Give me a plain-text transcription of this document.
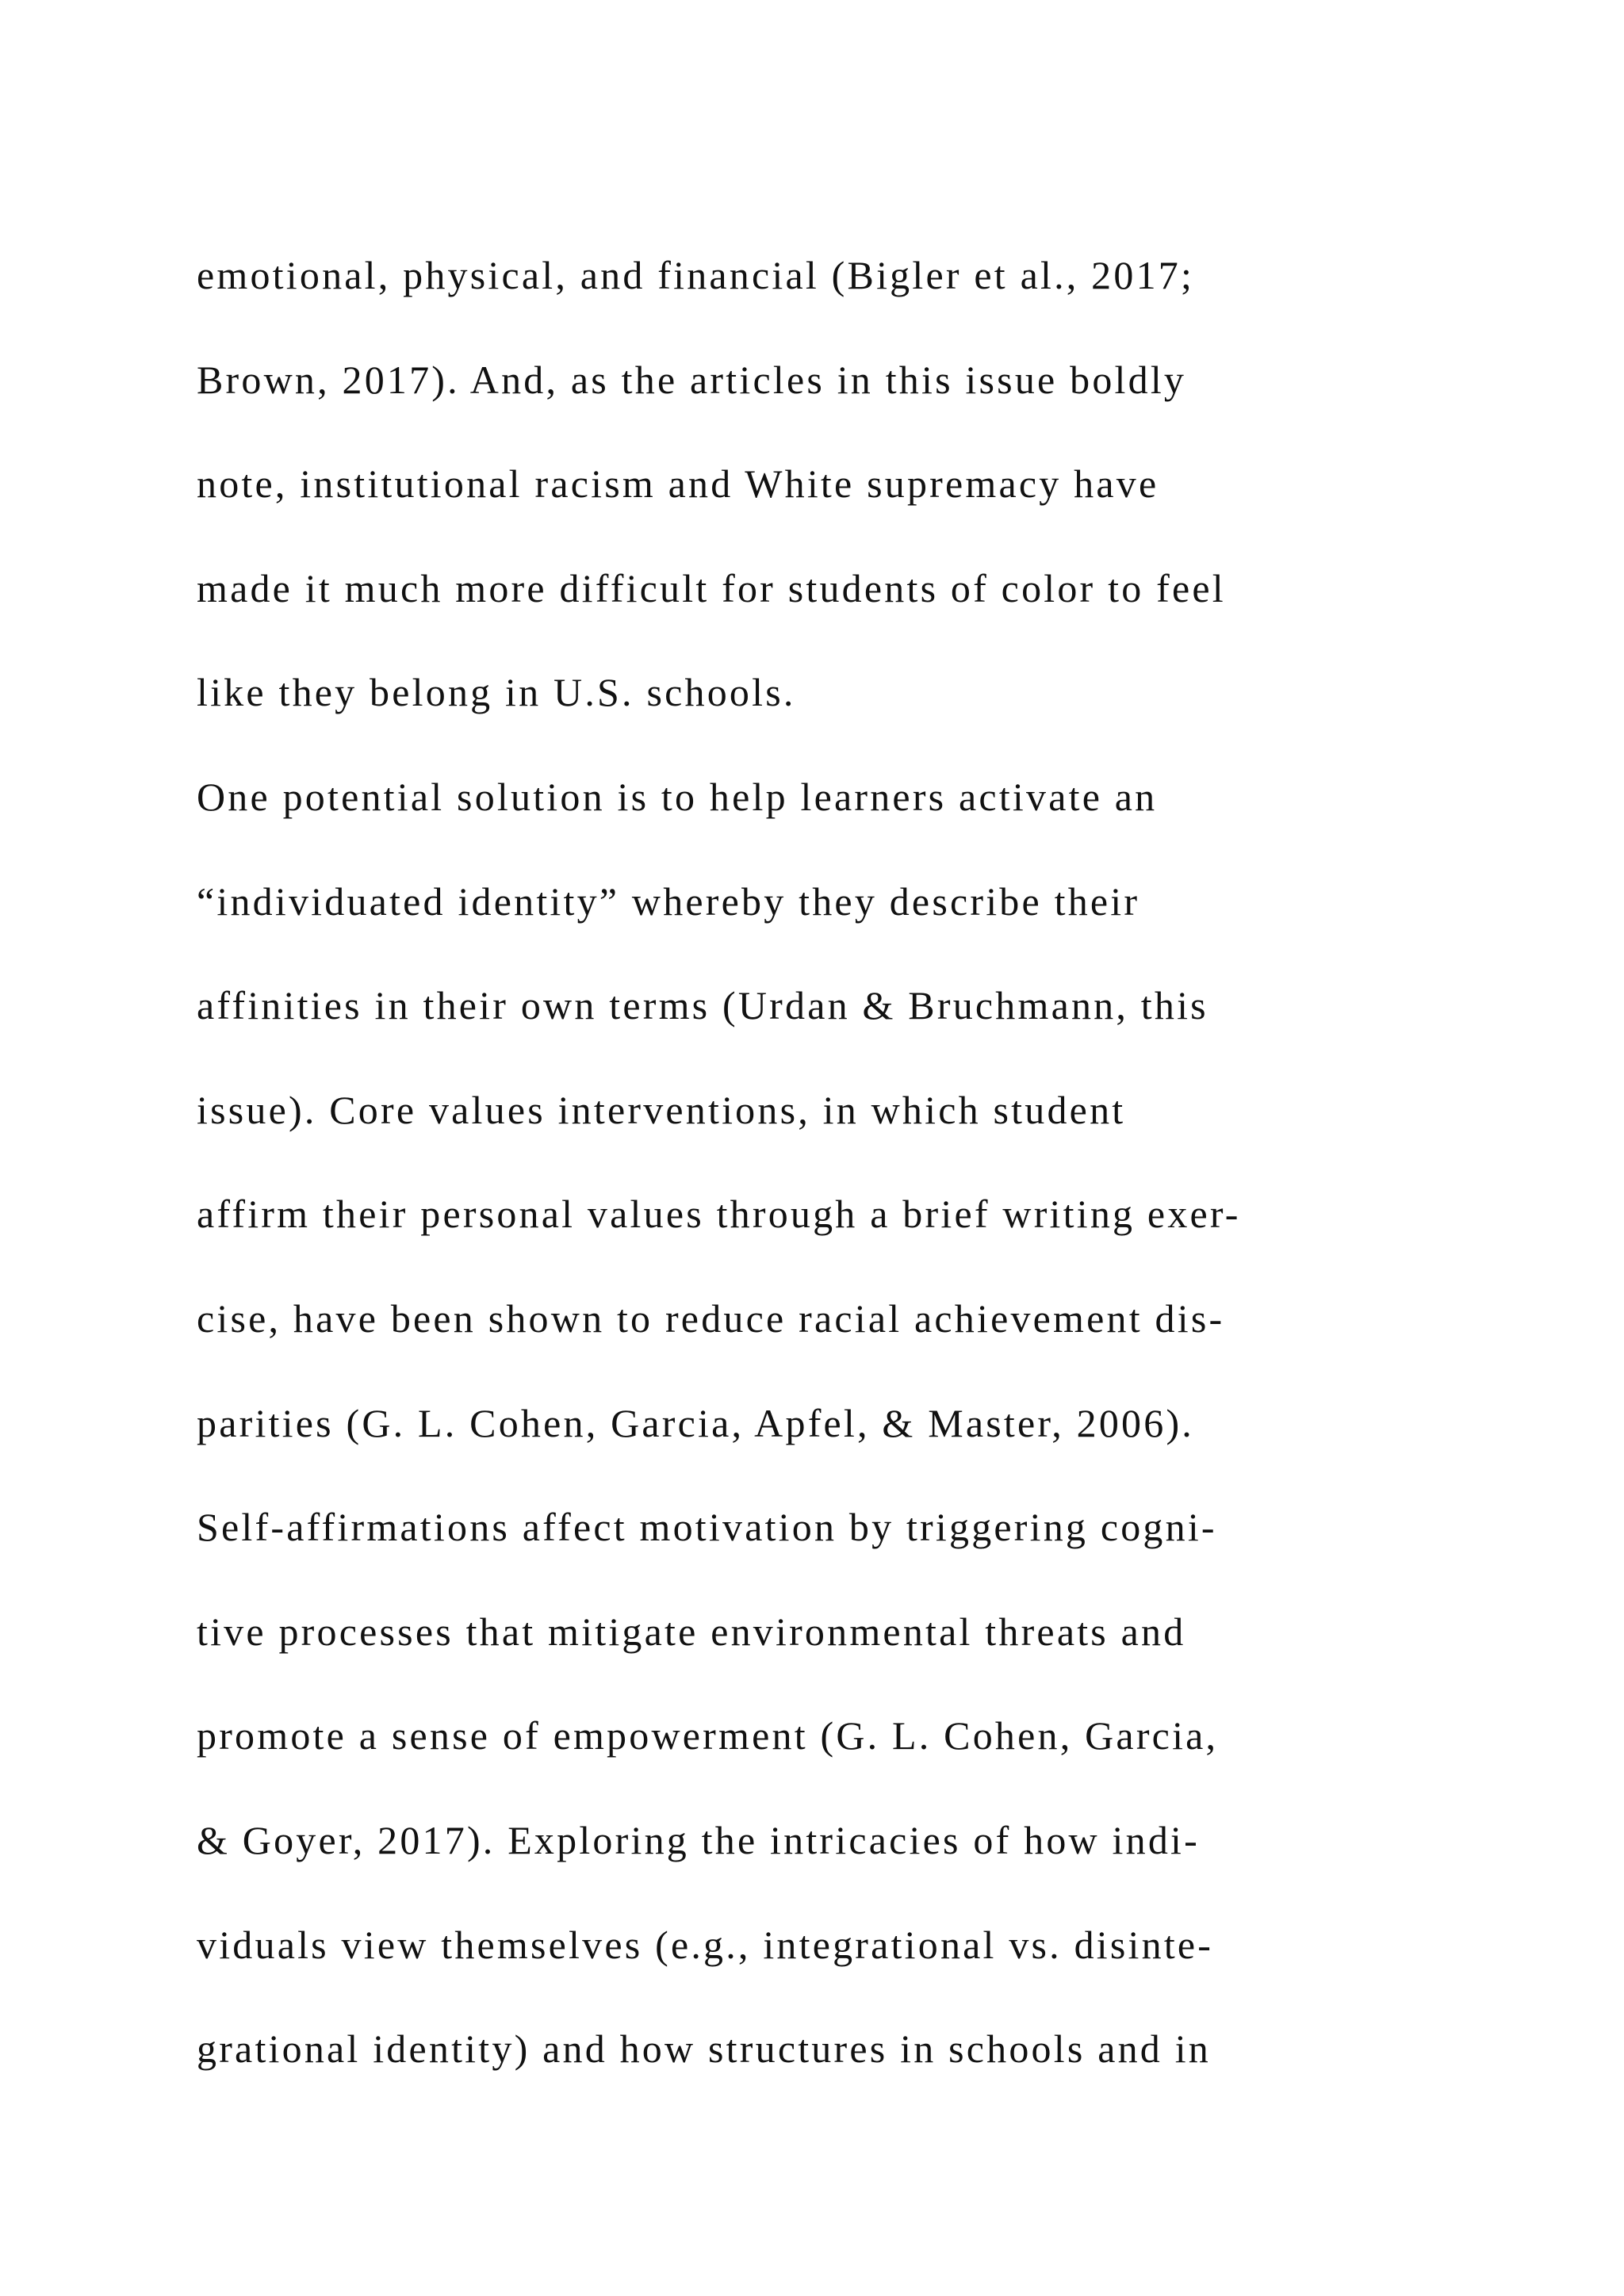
emotional, physical, and financial (Bigler et al., 2017;
Brown, 2017). And, as the articles in this issue boldly
note, institutional racism and White supremacy have
made it much more difficult for students of color to feel
like they belong in U.S. schools.
One potential solution is to help learners activate an
“individuated identity” whereby they describe their
affinities in their own terms (Urdan & Bruchmann, this
issue). Core values interventions, in which student
affirm their personal values through a brief writing exer-
cise, have been shown to reduce racial achievement dis-
parities (G. L. Cohen, Garcia, Apfel, & Master, 2006).
Self-affirmations affect motivation by triggering cogni-
tive processes that mitigate environmental threats and
promote a sense of empowerment (G. L. Cohen, Garcia,
& Goyer, 2017). Exploring the intricacies of how indi-
viduals view themselves (e.g., integrational vs. disinte-
grational identity) and how structures in schools and in
